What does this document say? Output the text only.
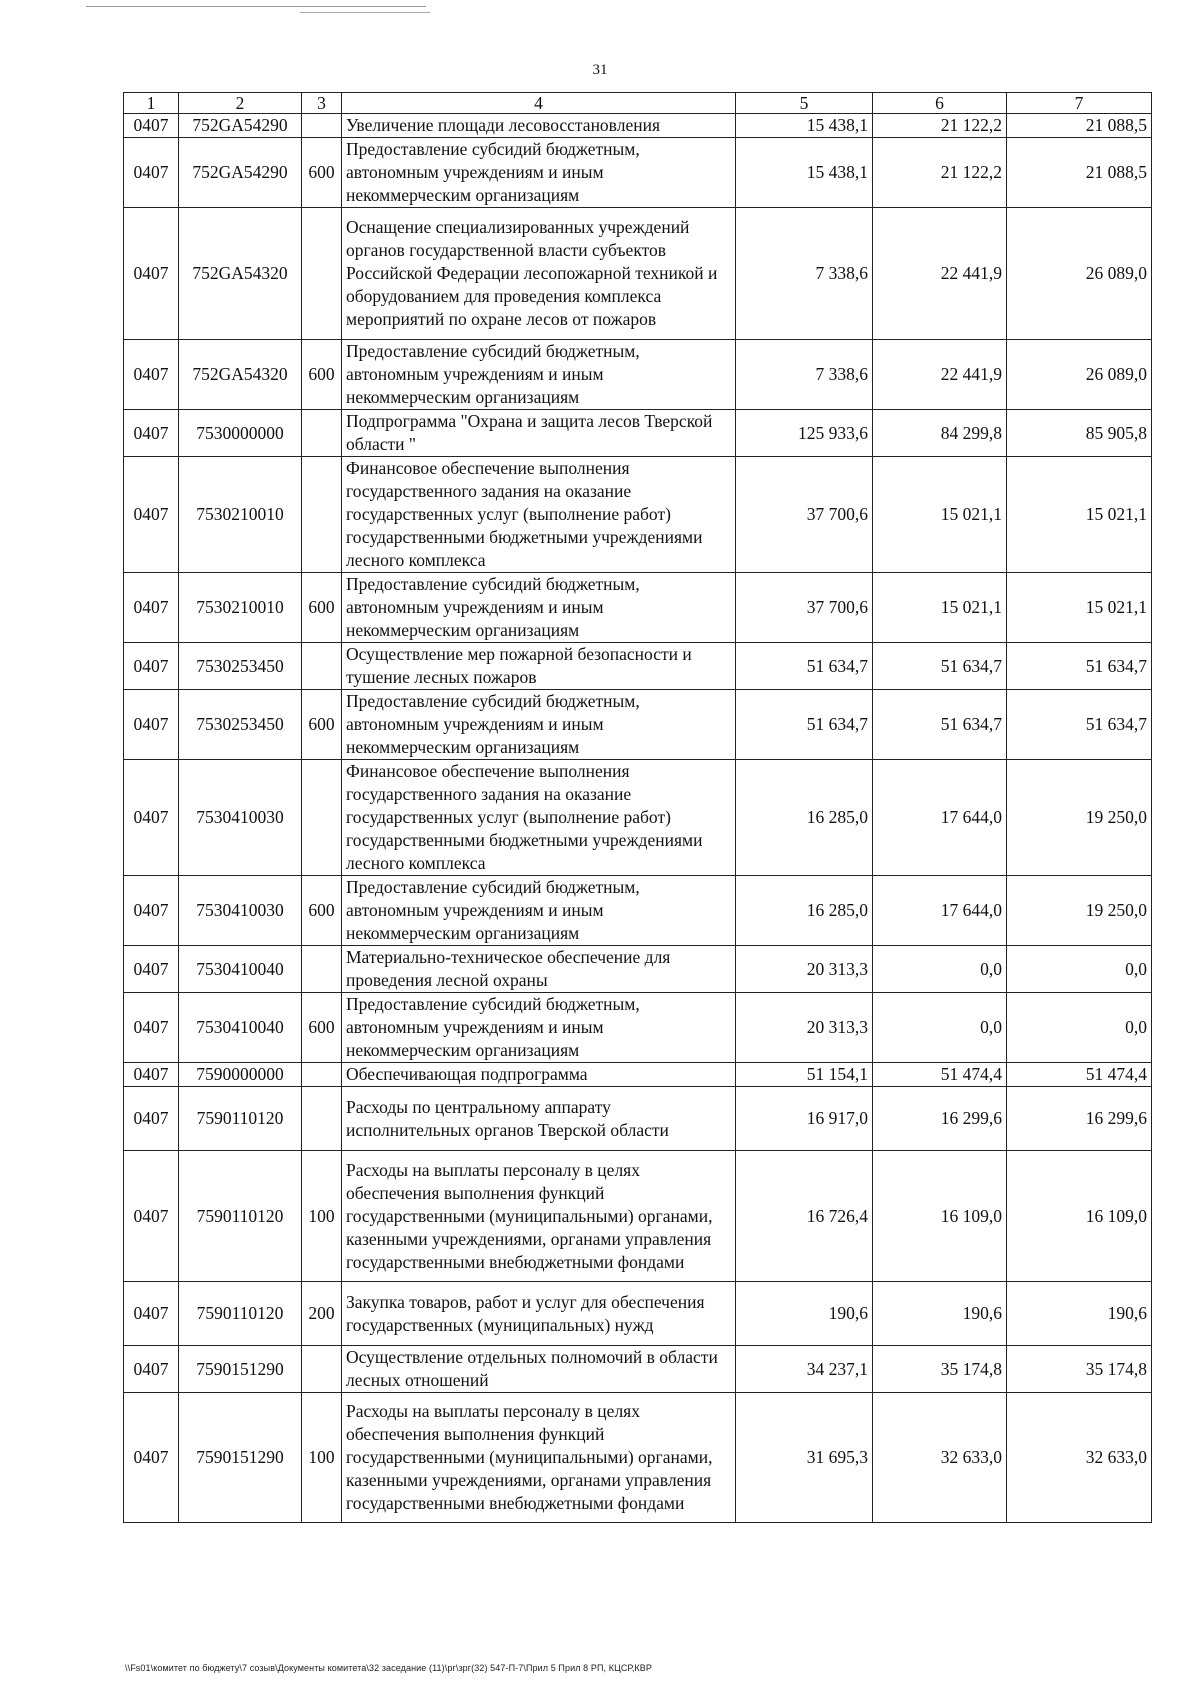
31
1	2	3	4	5	6	7
0407	752GA54290		Увеличение площади лесовосстановления	15 438,1	21 122,2	21 088,5
0407	752GA54290	600	Предоставление субсидий бюджетным, автономным учреждениям и иным некоммерческим организациям	15 438,1	21 122,2	21 088,5
0407	752GA54320		Оснащение специализированных учреждений органов государственной власти субъектов Российской Федерации лесопожарной техникой и оборудованием для проведения комплекса мероприятий по охране лесов от пожаров	7 338,6	22 441,9	26 089,0
0407	752GA54320	600	Предоставление субсидий бюджетным, автономным учреждениям и иным некоммерческим организациям	7 338,6	22 441,9	26 089,0
0407	7530000000		Подпрограмма "Охрана и защита лесов Тверской области "	125 933,6	84 299,8	85 905,8
0407	7530210010		Финансовое обеспечение выполнения государственного задания на оказание государственных услуг (выполнение работ) государственными бюджетными учреждениями лесного комплекса	37 700,6	15 021,1	15 021,1
0407	7530210010	600	Предоставление субсидий бюджетным, автономным учреждениям и иным некоммерческим организациям	37 700,6	15 021,1	15 021,1
0407	7530253450		Осуществление мер пожарной безопасности и тушение лесных пожаров	51 634,7	51 634,7	51 634,7
0407	7530253450	600	Предоставление субсидий бюджетным, автономным учреждениям и иным некоммерческим организациям	51 634,7	51 634,7	51 634,7
0407	7530410030		Финансовое обеспечение выполнения государственного задания на оказание государственных услуг (выполнение работ) государственными бюджетными учреждениями лесного комплекса	16 285,0	17 644,0	19 250,0
0407	7530410030	600	Предоставление субсидий бюджетным, автономным учреждениям и иным некоммерческим организациям	16 285,0	17 644,0	19 250,0
0407	7530410040		Материально-техническое обеспечение для проведения лесной охраны	20 313,3	0,0	0,0
0407	7530410040	600	Предоставление субсидий бюджетным, автономным учреждениям и иным некоммерческим организациям	20 313,3	0,0	0,0
0407	7590000000		Обеспечивающая подпрограмма	51 154,1	51 474,4	51 474,4
0407	7590110120		Расходы по центральному аппарату исполнительных органов Тверской области	16 917,0	16 299,6	16 299,6
0407	7590110120	100	Расходы на выплаты персоналу в целях обеспечения выполнения функций государственными (муниципальными) органами, казенными учреждениями, органами управления государственными внебюджетными фондами	16 726,4	16 109,0	16 109,0
0407	7590110120	200	Закупка товаров, работ и услуг для обеспечения государственных (муниципальных) нужд	190,6	190,6	190,6
0407	7590151290		Осуществление отдельных полномочий в области лесных отношений	34 237,1	35 174,8	35 174,8
0407	7590151290	100	Расходы на выплаты персоналу в целях обеспечения выполнения функций государственными (муниципальными) органами, казенными учреждениями, органами управления государственными внебюджетными фондами	31 695,3	32 633,0	32 633,0
\\Fs01\комитет по бюджету\7 созыв\Документы комитета\32 заседание (11)\рг\зрг(32) 547-П-7\Прил 5 Прил 8 РП, КЦСР,КВР
